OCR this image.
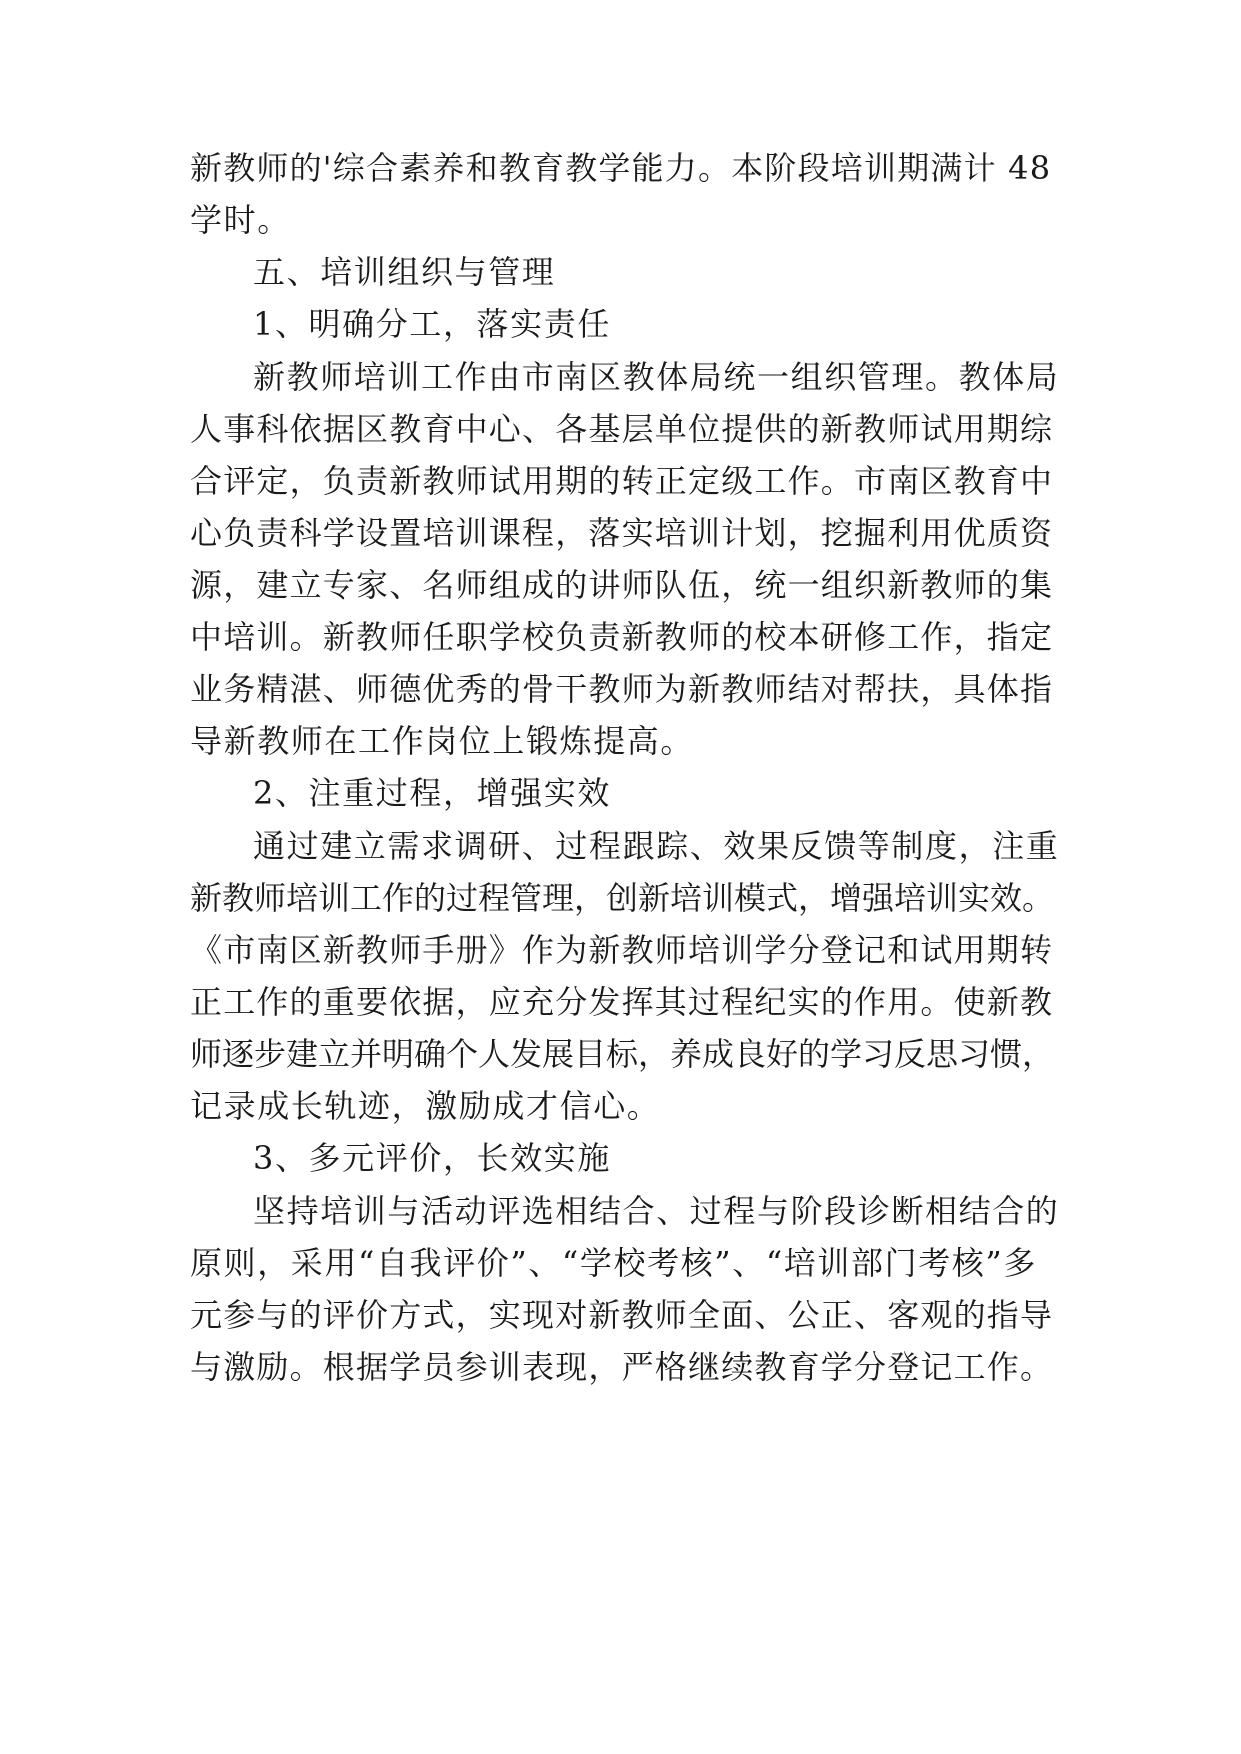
新教师的'综合素养和教育教学能力。本阶段培训期满计 48
学时。
五、培训组织与管理
1、明确分工，落实责任
新教师培训工作由市南区教体局统一组织管理。教体局
人事科依据区教育中心、各基层单位提供的新教师试用期综
合评定，负责新教师试用期的转正定级工作。市南区教育中
心负责科学设置培训课程，落实培训计划，挖掘利用优质资
源，建立专家、名师组成的讲师队伍，统一组织新教师的集
中培训。新教师任职学校负责新教师的校本研修工作，指定
业务精湛、师德优秀的骨干教师为新教师结对帮扶，具体指
导新教师在工作岗位上锻炼提高。
2、注重过程，增强实效
通过建立需求调研、过程跟踪、效果反馈等制度，注重
新教师培训工作的过程管理，创新培训模式，增强培训实效。
《市南区新教师手册》作为新教师培训学分登记和试用期转
正工作的重要依据，应充分发挥其过程纪实的作用。使新教
师逐步建立并明确个人发展目标，养成良好的学习反思习惯，
记录成长轨迹，激励成才信心。
3、多元评价，长效实施
坚持培训与活动评选相结合、过程与阶段诊断相结合的
原则，采用“自我评价”、“学校考核”、“培训部门考核”多
元参与的评价方式，实现对新教师全面、公正、客观的指导
与激励。根据学员参训表现，严格继续教育学分登记工作。
